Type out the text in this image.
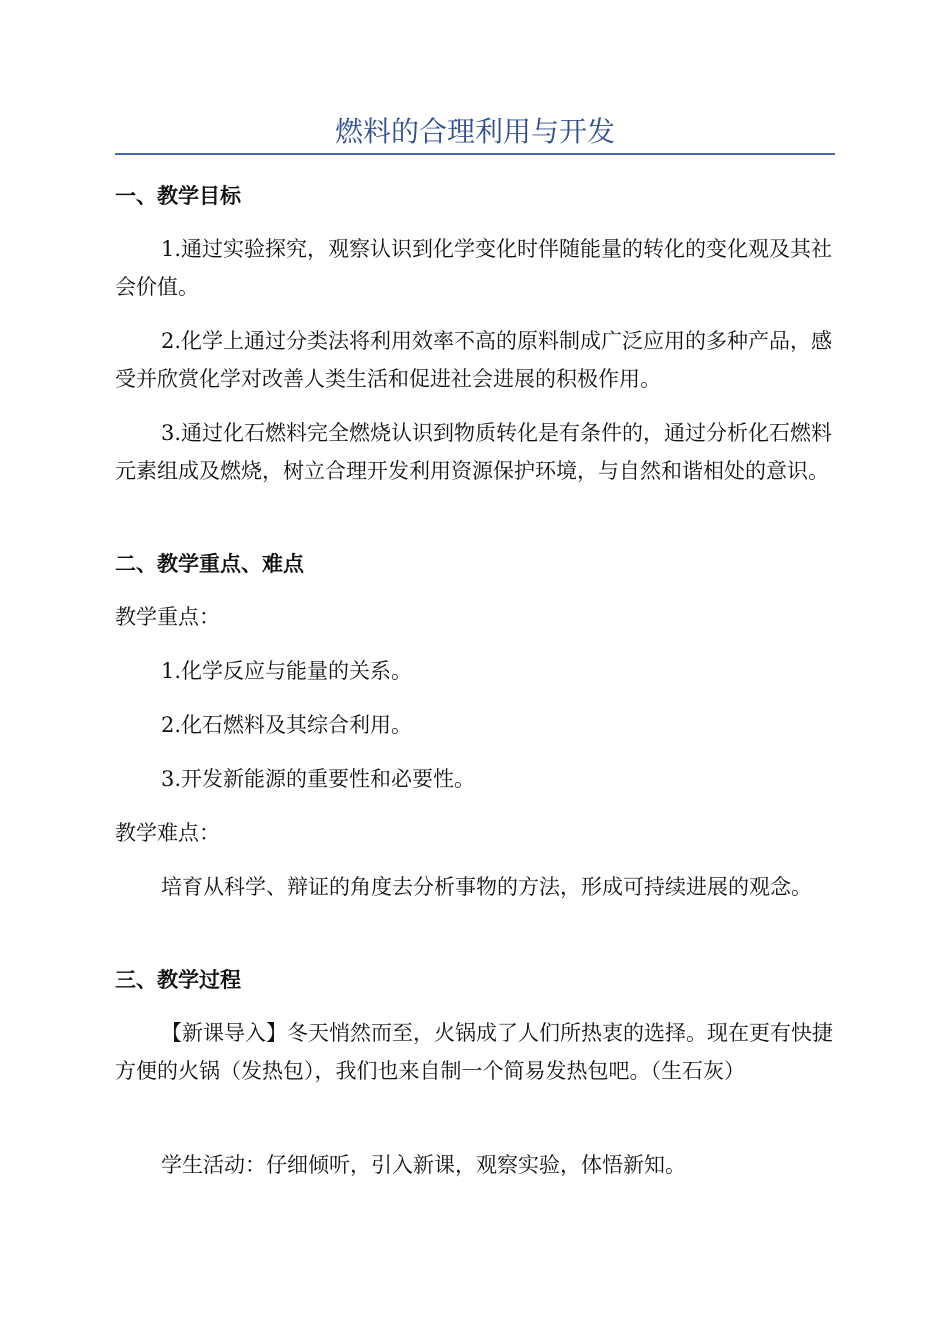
燃料的合理利用与开发
一、教学目标

1.通过实验探究，观察认识到化学变化时伴随能量的转化的变化观及其社会价值。

2.化学上通过分类法将利用效率不高的原料制成广泛应用的多种产品，感受并欣赏化学对改善人类生活和促进社会进展的积极作用。

3.通过化石燃料完全燃烧认识到物质转化是有条件的，通过分析化石燃料元素组成及燃烧，树立合理开发利用资源保护环境，与自然和谐相处的意识。

二、教学重点、难点

教学重点：

1.化学反应与能量的关系。

2.化石燃料及其综合利用。

3.开发新能源的重要性和必要性。

教学难点：

培育从科学、辩证的角度去分析事物的方法，形成可持续进展的观念。

三、教学过程

【新课导入】冬天悄然而至，火锅成了人们所热衷的选择。现在更有快捷方便的火锅（发热包），我们也来自制一个简易发热包吧。（生石灰）

学生活动：仔细倾听，引入新课，观察实验，体悟新知。
